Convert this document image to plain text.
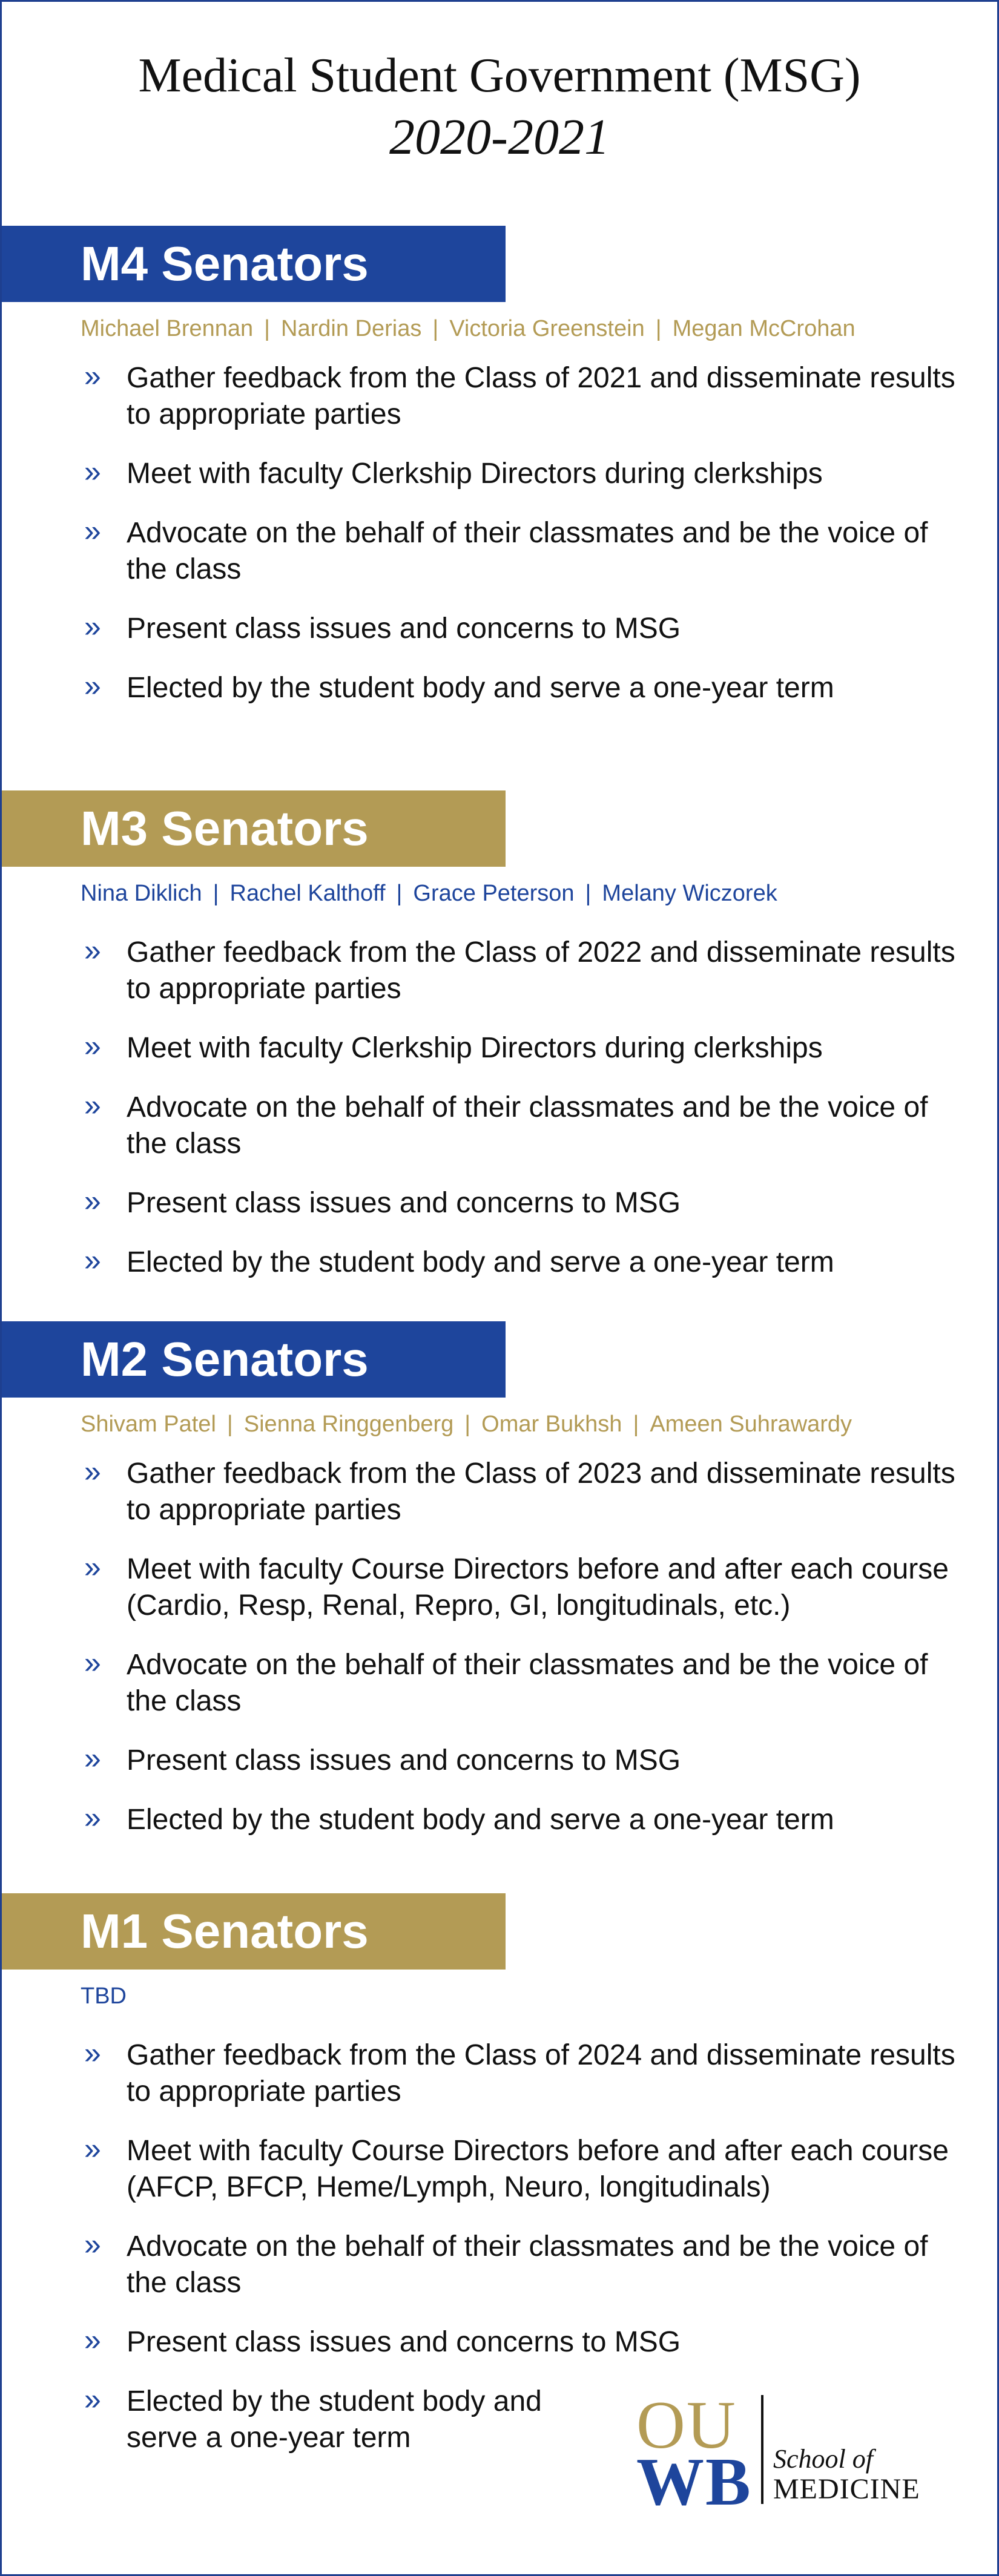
Medical Student Government (MSG)
2020-2021
M4 Senators
Michael Brennan | Nardin Derias | Victoria Greenstein | Megan McCrohan
» Gather feedback from the Class of 2021 and disseminate results to appropriate parties
» Meet with faculty Clerkship Directors during clerkships
» Advocate on the behalf of their classmates and be the voice of the class
» Present class issues and concerns to MSG
» Elected by the student body and serve a one-year term
M3 Senators
Nina Diklich | Rachel Kalthoff | Grace Peterson | Melany Wiczorek
» Gather feedback from the Class of 2022 and disseminate results to appropriate parties
» Meet with faculty Clerkship Directors during clerkships
» Advocate on the behalf of their classmates and be the voice of the class
» Present class issues and concerns to MSG
» Elected by the student body and serve a one-year term
M2 Senators
Shivam Patel | Sienna Ringgenberg | Omar Bukhsh | Ameen Suhrawardy
» Gather feedback from the Class of 2023 and disseminate results to appropriate parties
» Meet with faculty Course Directors before and after each course (Cardio, Resp, Renal, Repro, GI, longitudinals, etc.)
» Advocate on the behalf of their classmates and be the voice of the class
» Present class issues and concerns to MSG
» Elected by the student body and serve a one-year term
M1 Senators
TBD
» Gather feedback from the Class of 2024 and disseminate results to appropriate parties
» Meet with faculty Course Directors before and after each course (AFCP, BFCP, Heme/Lymph, Neuro, longitudinals)
» Advocate on the behalf of their classmates and be the voice of the class
» Present class issues and concerns to MSG
» Elected by the student body and serve a one-year term	OU
WB School of
MEDICINE
